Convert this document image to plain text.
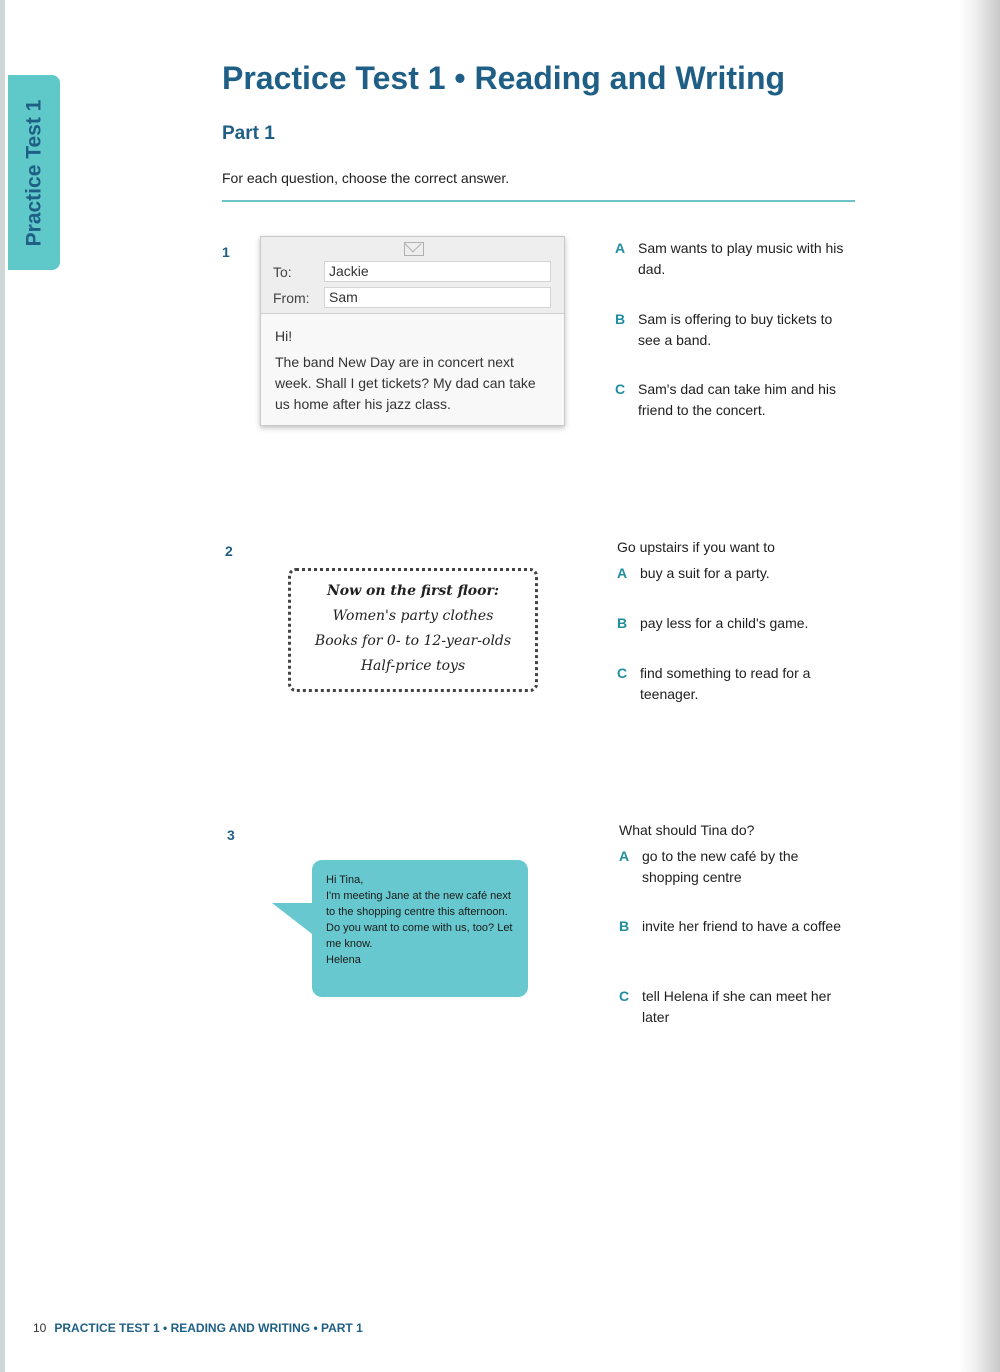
Practice Test 1
Practice Test 1 • Reading and Writing
Part 1
For each question, choose the correct answer.
1
To:	Jackie
From:	Sam

Hi!

The band New Day are in concert next week. Shall I get tickets? My dad can take us home after his jazz class.

A Sam wants to play music with his dad.
B Sam is offering to buy tickets to see a band.
C Sam's dad can take him and his friend to the concert.
2
Now on the first floor:
Women's party clothes
Books for 0- to 12-year-olds
Half-price toys
Go upstairs if you want to
A buy a suit for a party.
B pay less for a child's game.
C find something to read for a teenager.
3

Hi Tina,

I'm meeting Jane at the new café next to the shopping centre this afternoon. Do you want to come with us, too? Let me know.

Helena

What should Tina do?
A go to the new café by the shopping centre
B invite her friend to have a coffee
C tell Helena if she can meet her later
10 PRACTICE TEST 1 • READING AND WRITING • PART 1
